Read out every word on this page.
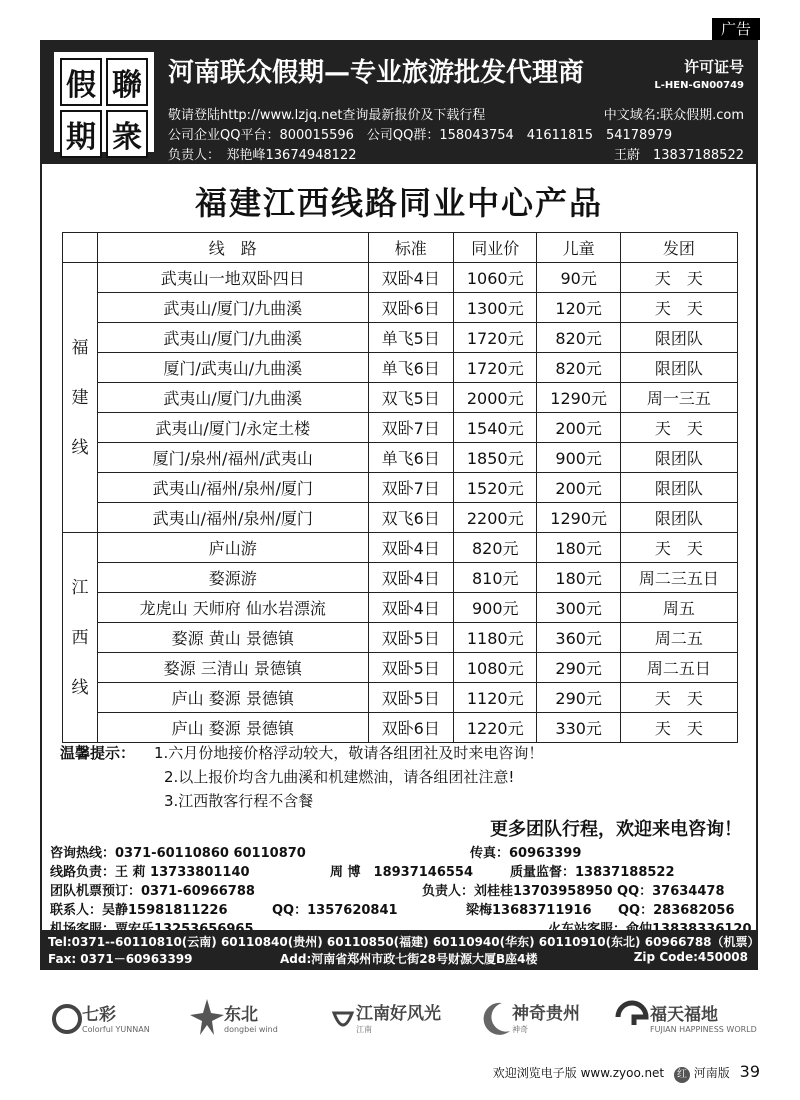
广告
假 聯
期 衆
河南联众假期—专业旅游批发代理商	许可证号
L-HEN-GN00749
敬请登陆http://www.lzjq.net查询最新报价及下载行程	中文域名:联众假期.com
公司企业QQ平台：800015596　公司QQ群：158043754　41611815　54178979
负责人：　郑艳峰13674948122	王蔚　13837188522
福建江西线路同业中心产品
	线　路	标准	同业价	儿童	发团

福
建
线	武夷山一地双卧四日	双卧4日	1060元	90元	天　天
	武夷山/厦门/九曲溪	双卧6日	1300元	120元	天　天
	武夷山/厦门/九曲溪	单飞5日	1720元	820元	限团队
	厦门/武夷山/九曲溪	单飞6日	1720元	820元	限团队
	武夷山/厦门/九曲溪	双飞5日	2000元	1290元	周一三五
	武夷山/厦门/永定土楼	双卧7日	1540元	200元	天　天
	厦门/泉州/福州/武夷山	单飞6日	1850元	900元	限团队
	武夷山/福州/泉州/厦门	双卧7日	1520元	200元	限团队
	武夷山/福州/泉州/厦门	双飞6日	2200元	1290元	限团队

江
西
线	庐山游	双卧4日	820元	180元	天　天
	婺源游	双卧4日	810元	180元	周二三五日
	龙虎山 天师府 仙水岩漂流	双卧4日	900元	300元	周五
	婺源 黄山 景德镇	双卧5日	1180元	360元	周二五
	婺源 三清山 景德镇	双卧5日	1080元	290元	周二五日
	庐山 婺源 景德镇	双卧5日	1120元	290元	天　天
	庐山 婺源 景德镇	双卧6日	1220元	330元	天　天
温馨提示： 1.六月份地接价格浮动较大，敬请各组团社及时来电咨询！
2.以上报价均含九曲溪和机建燃油，请各组团社注意!
3.江西散客行程不含餐
更多团队行程，欢迎来电咨询！
咨询热线：0371-60110860 60110870	传真：60963399
线路负责：王 莉 13733801140	周 博　18937146554	质量监督：13837188522
团队机票预订：0371-60966788	负责人：刘桂桂13703958950 QQ：37634478
联系人：吴静15981811226	QQ：1357620841	梁梅13683711916 QQ：283682056
Tel:0371--60110810(云南) 60110840(贵州) 60110850(福建) 60110940(华东) 60110910(东北) 60966788（机票）
Fax: 0371－60963399	Add:河南省郑州市政七街28号财源大厦B座4楼	Zip Code:450008
七彩
Colorful YUNNAN
东北
dongbei wind
江南好风光
江南
神奇贵州
神奇
福天福地
FUJIAN HAPPINESS WORLD
欢迎浏览电子版 www.zyoo.net 红 河南版 39
